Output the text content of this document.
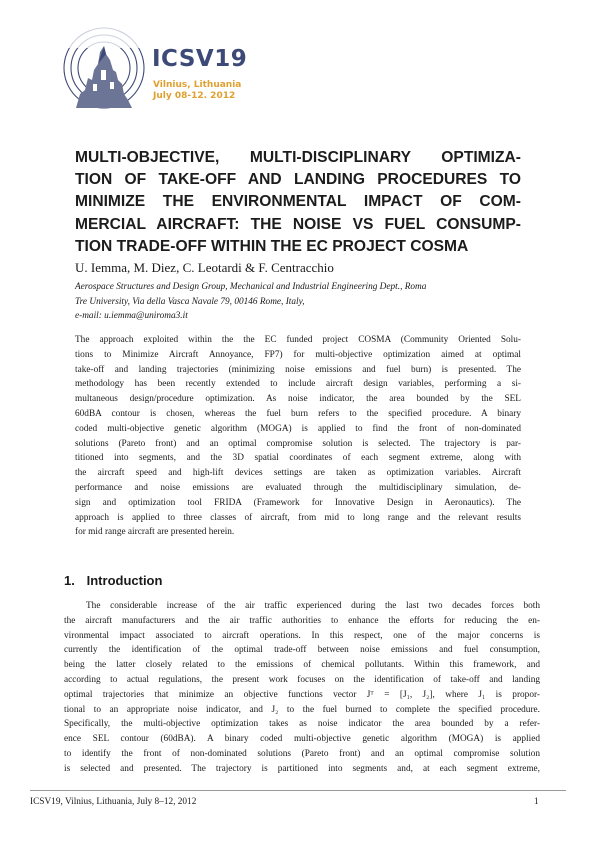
ICSV19
Vilnius, Lithuania
July 08-12. 2012
MULTI-OBJECTIVE, MULTI-DISCIPLINARY OPTIMIZA-
TION OF TAKE-OFF AND LANDING PROCEDURES TO
MINIMIZE THE ENVIRONMENTAL IMPACT OF COM-
MERCIAL AIRCRAFT: THE NOISE VS FUEL CONSUMP-
TION TRADE-OFF WITHIN THE EC PROJECT COSMA
U. Iemma, M. Diez, C. Leotardi & F. Centracchio
Aerospace Structures and Design Group, Mechanical and Industrial Engineering Dept., Roma
Tre University, Via della Vasca Navale 79, 00146 Rome, Italy,
e-mail: u.iemma@uniroma3.it
The approach exploited within the the EC funded project COSMA (Community Oriented Solu-
tions to Minimize Aircraft Annoyance, FP7) for multi-objective optimization aimed at optimal
take-off and landing trajectories (minimizing noise emissions and fuel burn) is presented. The
methodology has been recently extended to include aircraft design variables, performing a si-
multaneous design/procedure optimization. As noise indicator, the area bounded by the SEL
60dBA contour is chosen, whereas the fuel burn refers to the specified procedure. A binary
coded multi-objective genetic algorithm (MOGA) is applied to find the front of non-dominated
solutions (Pareto front) and an optimal compromise solution is selected. The trajectory is par-
titioned into segments, and the 3D spatial coordinates of each segment extreme, along with
the aircraft speed and high-lift devices settings are taken as optimization variables. Aircraft
performance and noise emissions are evaluated through the multidisciplinary simulation, de-
sign and optimization tool FRIDA (Framework for Innovative Design in Aeronautics). The
approach is applied to three classes of aircraft, from mid to long range and the relevant results
for mid range aircraft are presented herein.
1. Introduction
The considerable increase of the air traffic experienced during the last two decades forces both
the aircraft manufacturers and the air traffic authorities to enhance the efforts for reducing the en-
vironmental impact associated to aircraft operations. In this respect, one of the major concerns is
currently the identification of the optimal trade-off between noise emissions and fuel consumption,
being the latter closely related to the emissions of chemical pollutants. Within this framework, and
according to actual regulations, the present work focuses on the identification of take-off and landing
optimal trajectories that minimize an objective functions vector Jᵀ = [J₁, J₂], where J₁ is propor-
tional to an appropriate noise indicator, and J₂ to the fuel burned to complete the specified procedure.
Specifically, the multi-objective optimization takes as noise indicator the area bounded by a refer-
ence SEL contour (60dBA). A binary coded multi-objective genetic algorithm (MOGA) is applied
to identify the front of non-dominated solutions (Pareto front) and an optimal compromise solution
is selected and presented. The trajectory is partitioned into segments and, at each segment extreme,
ICSV19, Vilnius, Lithuania, July 8–12, 2012	1
